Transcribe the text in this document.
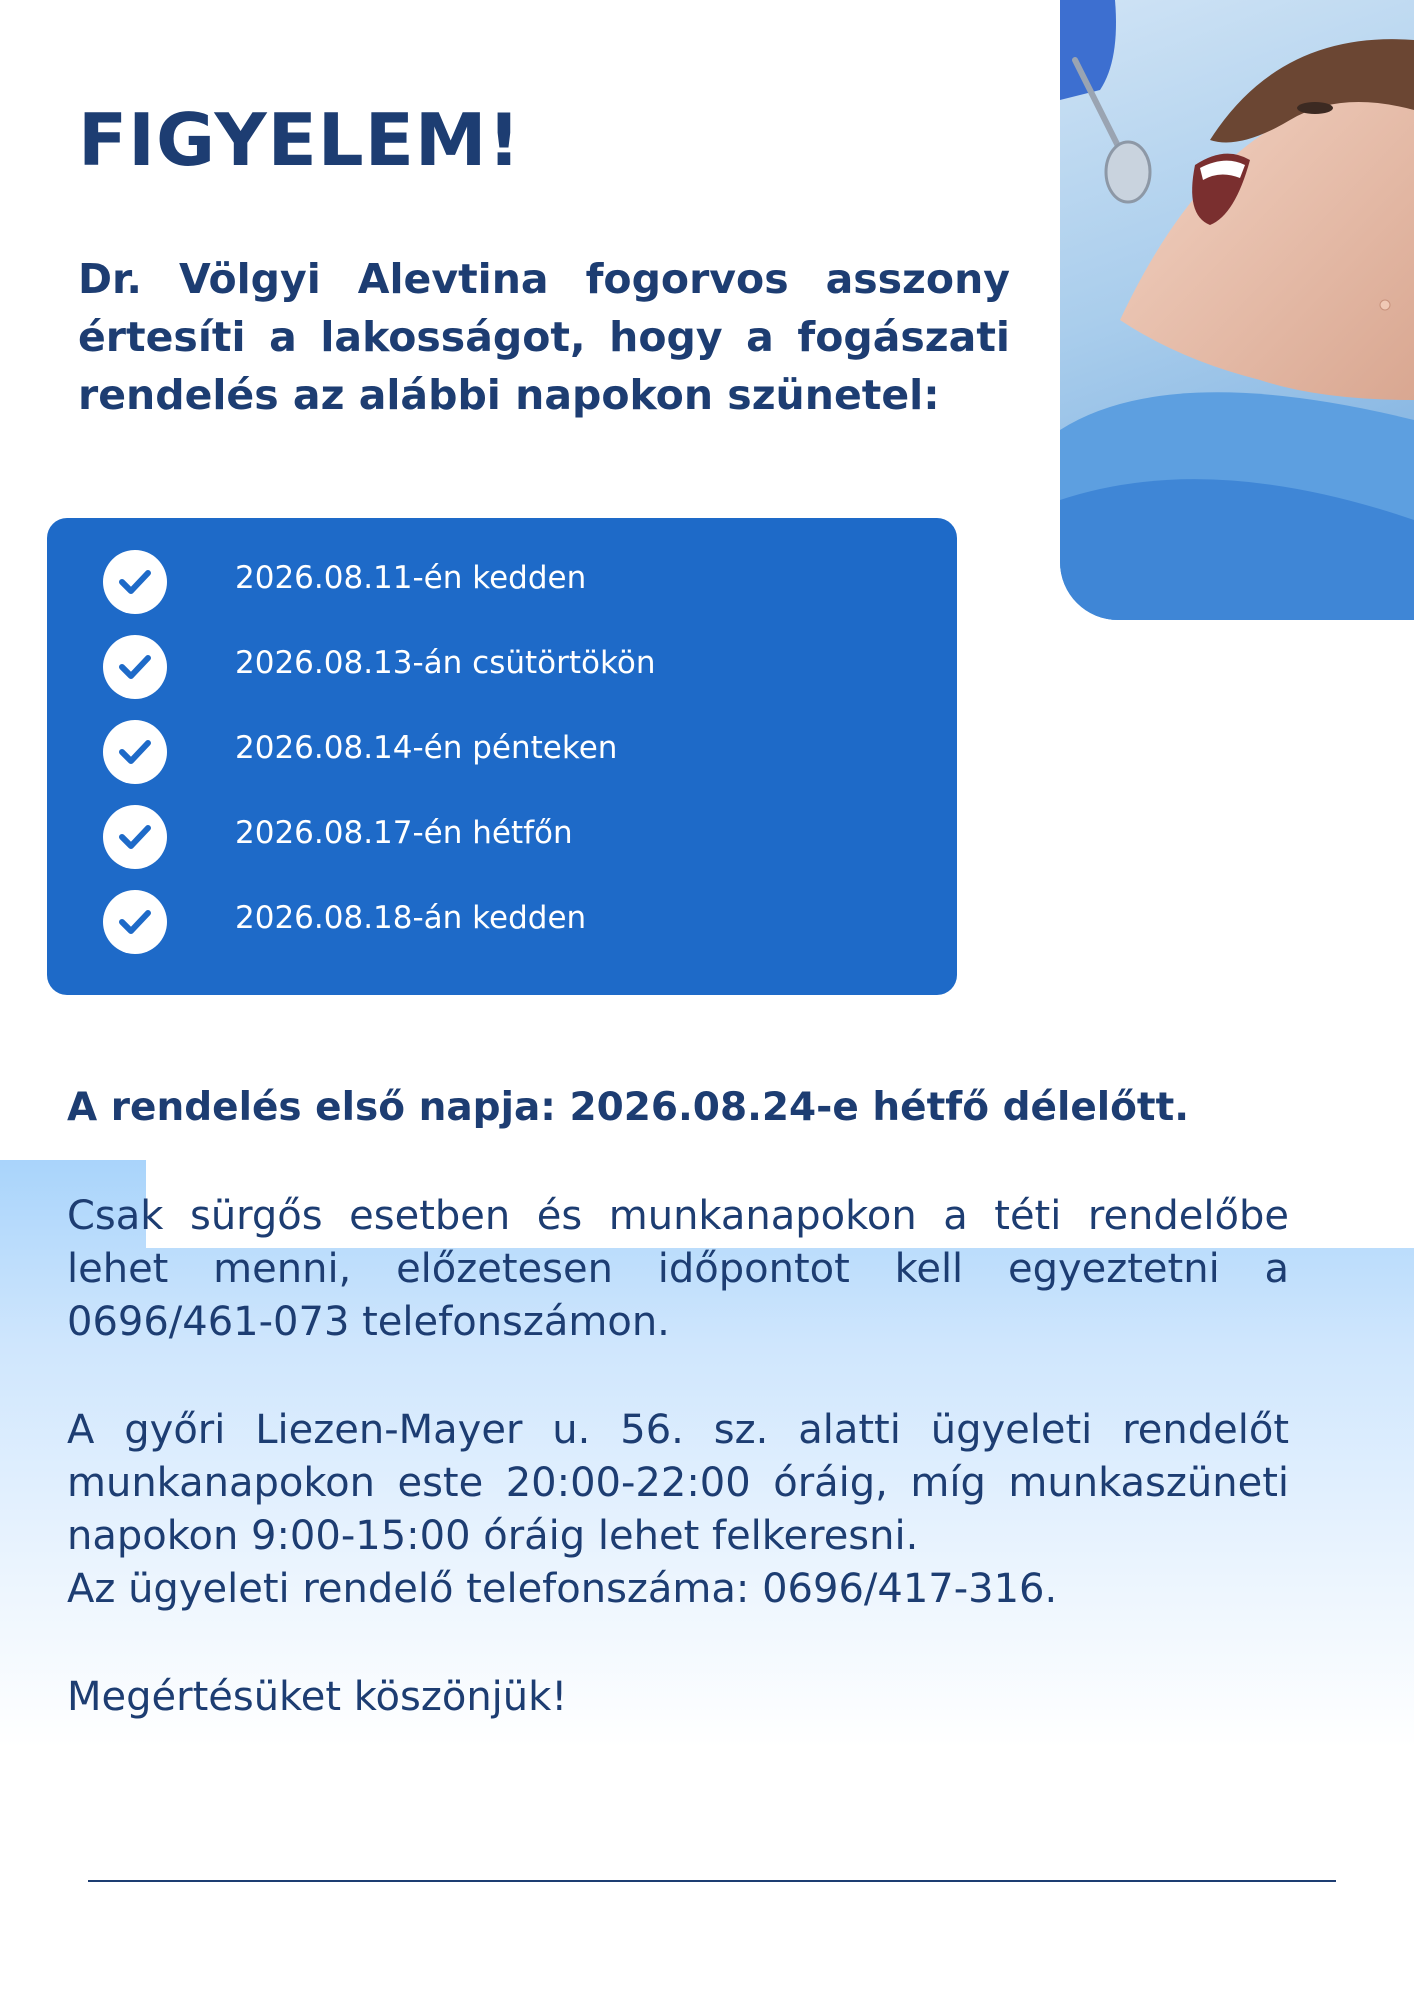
FIGYELEM!

Dr. Völgyi Alevtina fogorvos asszony értesíti a lakosságot, hogy a fogászati rendelés az alábbi napokon szünetel:

2026.08.11-én kedden
2026.08.13-án csütörtökön
2026.08.14-én pénteken
2026.08.17-én hétfőn
2026.08.18-án kedden

A rendelés első napja: 2026.08.24-e hétfő délelőtt.

Csak sürgős esetben és munkanapokon a téti rendelőbe lehet menni, előzetesen időpontot kell egyeztetni a 0696/461-073 telefonszámon.

A győri Liezen-Mayer u. 56. sz. alatti ügyeleti rendelőt munkanapokon este 20:00-22:00 óráig, míg munkaszüneti napokon 9:00-15:00 óráig lehet felkeresni.
Az ügyeleti rendelő telefonszáma: 0696/417-316.

Megértésüket köszönjük!
